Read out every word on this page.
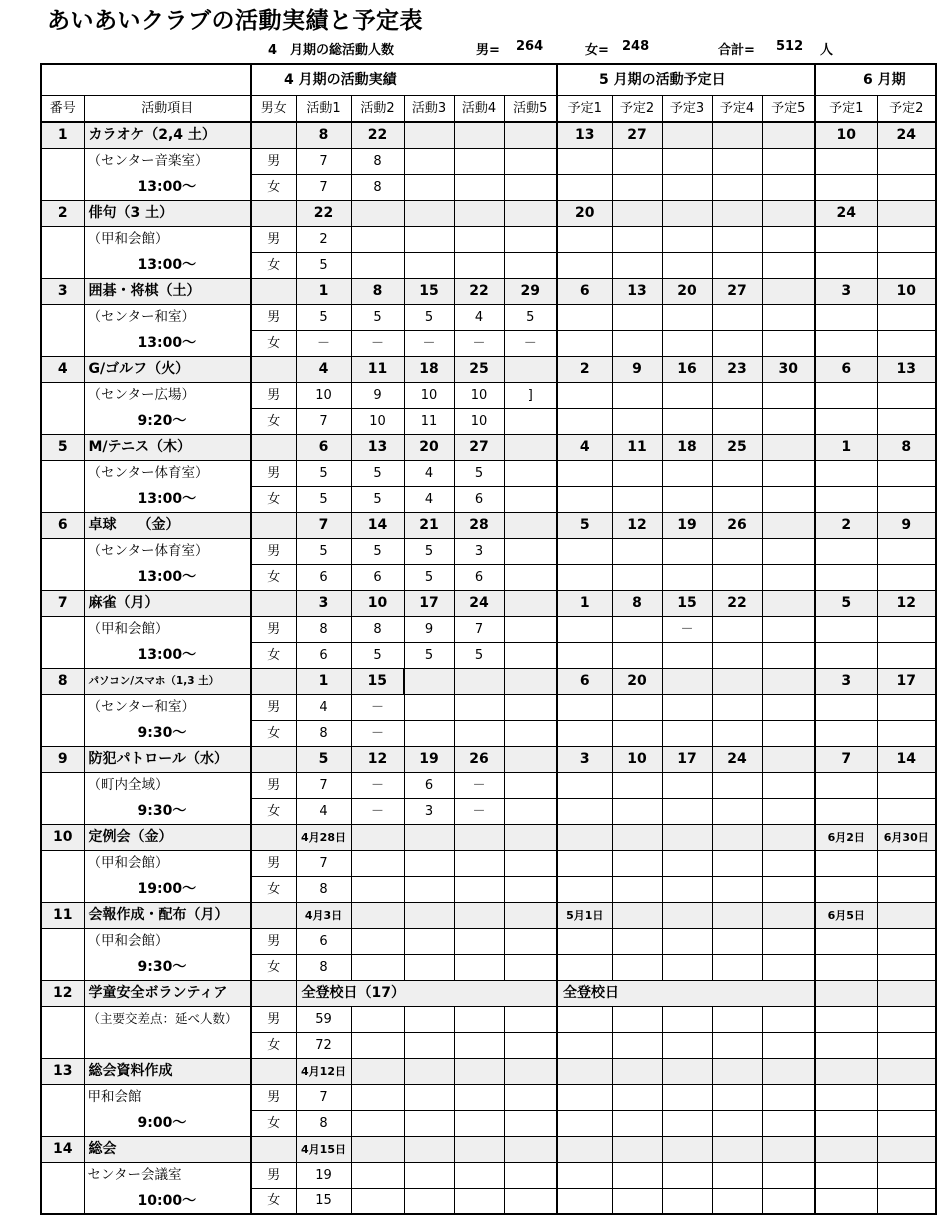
あいあいクラブの活動実績と予定表
4　月期の総活動人数	男= 264	女= 248	合計= 512 人
		4 月期の活動実績						5 月期の活動予定日					6 月期	
番号	活動項目	男女	活動1	活動2	活動3	活動4	活動5	予定1	予定2	予定3	予定4	予定5	予定1	予定2
1	カラオケ（2,4 土）		8	22				13	27				10	24
	（センター音楽室）	男	7	8										
	13:00～	女	7	8										
2	俳句（3 土）		22					20					24	
	（甲和会館）	男	2											
	13:00～	女	5											
3	囲碁・将棋（土）		1	8	15	22	29	6	13	20	27		3	10
	（センター和室）	男	5	5	5	4	5							
	13:00～	女	－	－	－	－	－							
4	G/ゴルフ（火）		4	11	18	25		2	9	16	23	30	6	13
	（センター広場）	男	10	9	10	10	]							
	9:20～	女	7	10	11	10								
5	M/テニス（木）		6	13	20	27		4	11	18	25		1	8
	（センター体育室）	男	5	5	4	5								
	13:00～	女	5	5	4	6								
6	卓球　　（金）		7	14	21	28		5	12	19	26		2	9
	（センター体育室）	男	5	5	5	3								
	13:00～	女	6	6	5	6								
7	麻雀（月）		3	10	17	24		1	8	15	22		5	12
	（甲和会館）	男	8	8	9	7				－				
	13:00～	女	6	5	5	5								
8	パソコン/スマホ（1,3 土）		1	15				6	20				3	17
	（センター和室）	男	4	－										
	9:30～	女	8	－										
9	防犯パトロール（水）		5	12	19	26		3	10	17	24		7	14
	（町内全域）	男	7	－	6	－								
	9:30～	女	4	－	3	－								
10	定例会（金）		4月28日										6月2日	6月30日
	（甲和会館）	男	7											
	19:00～	女	8											
11	会報作成・配布（月）		4月3日					5月1日					6月5日	
	（甲和会館）	男	6											
	9:30～	女	8											
12	学童安全ボランティア		全登校日（17）					全登校日						
	（主要交差点：延べ人数）	男	59											
		女	72											
13	総会資料作成		4月12日											
	甲和会館	男	7											
	9:00～	女	8											
14	総会		4月15日											
	センター会議室	男	19											
	10:00～	女	15											
